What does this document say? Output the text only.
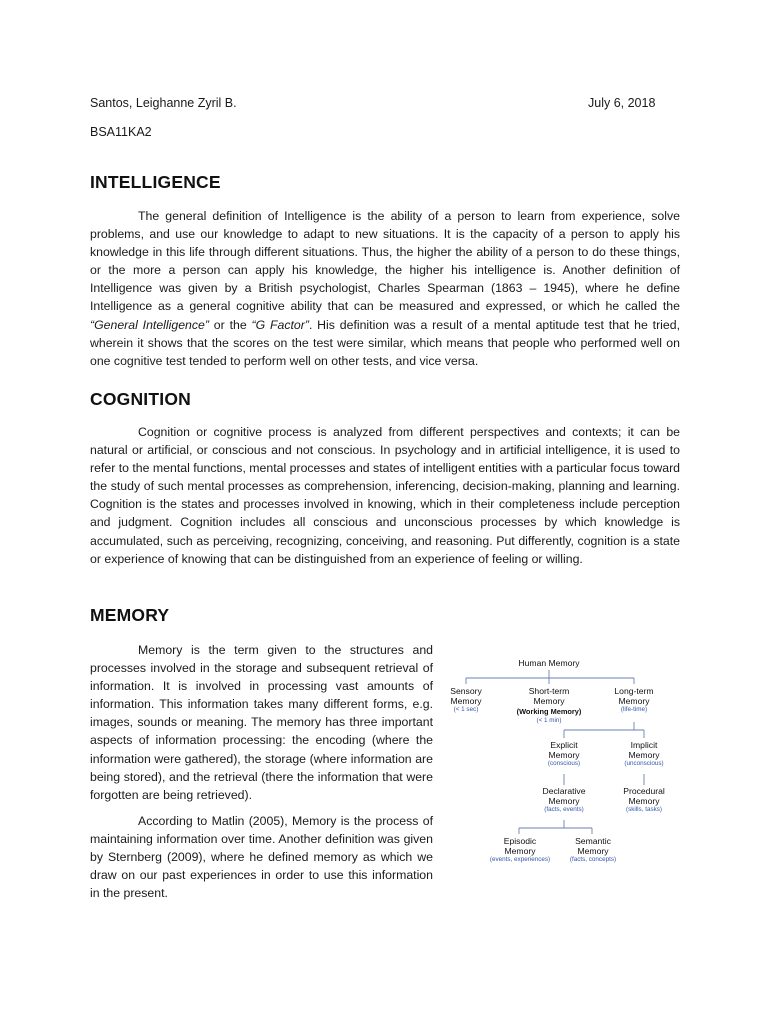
Santos, Leighanne Zyril B.	July 6, 2018
BSA11KA2
INTELLIGENCE

The general definition of Intelligence is the ability of a person to learn from experience, solve problems, and use our knowledge to adapt to new situations. It is the capacity of a person to apply his knowledge in this life through different situations. Thus, the higher the ability of a person to do these things, or the more a person can apply his knowledge, the higher his intelligence is. Another definition of Intelligence was given by a British psychologist, Charles Spearman (1863 – 1945), where he define Intelligence as a general cognitive ability that can be measured and expressed, or which he called the “General Intelligence” or the “G Factor”. His definition was a result of a mental aptitude test that he tried, wherein it shows that the scores on the test were similar, which means that people who performed well on one cognitive test tended to perform well on other tests, and vice versa.

COGNITION

Cognition or cognitive process is analyzed from different perspectives and contexts; it can be natural or artificial, or conscious and not conscious. In psychology and in artificial intelligence, it is used to refer to the mental functions, mental processes and states of intelligent entities with a particular focus toward the study of such mental processes as comprehension, inferencing, decision-making, planning and learning. Cognition is the states and processes involved in knowing, which in their completeness include perception and judgment. Cognition includes all conscious and unconscious processes by which knowledge is accumulated, such as perceiving, recognizing, conceiving, and reasoning. Put differently, cognition is a state or experience of knowing that can be distinguished from an experience of feeling or willing.

MEMORY

Memory is the term given to the structures and processes involved in the storage and subsequent retrieval of information. It is involved in processing vast amounts of information. This information takes many different forms, e.g. images, sounds or meaning. The memory has three important aspects of information processing: the encoding (where the information were gathered), the storage (where information are being stored), and the retrieval (there the information that were forgotten are being retrieved).

According to Matlin (2005), Memory is the process of maintaining information over time. Another definition was given by Sternberg (2009), where he defined memory as which we draw on our past experiences in order to use this information in the present.

Human Memory
Sensory
Memory
(< 1 sec)
Short-term
Memory
(Working Memory)
(< 1 min)
Long-term
Memory
(life-time)
Explicit
Memory
(conscious)
Implicit
Memory
(unconscious)
Declarative
Memory
(facts, events)
Procedural
Memory
(skills, tasks)
Episodic
Memory
(events, experiences)
Semantic
Memory
(facts, concepts)
